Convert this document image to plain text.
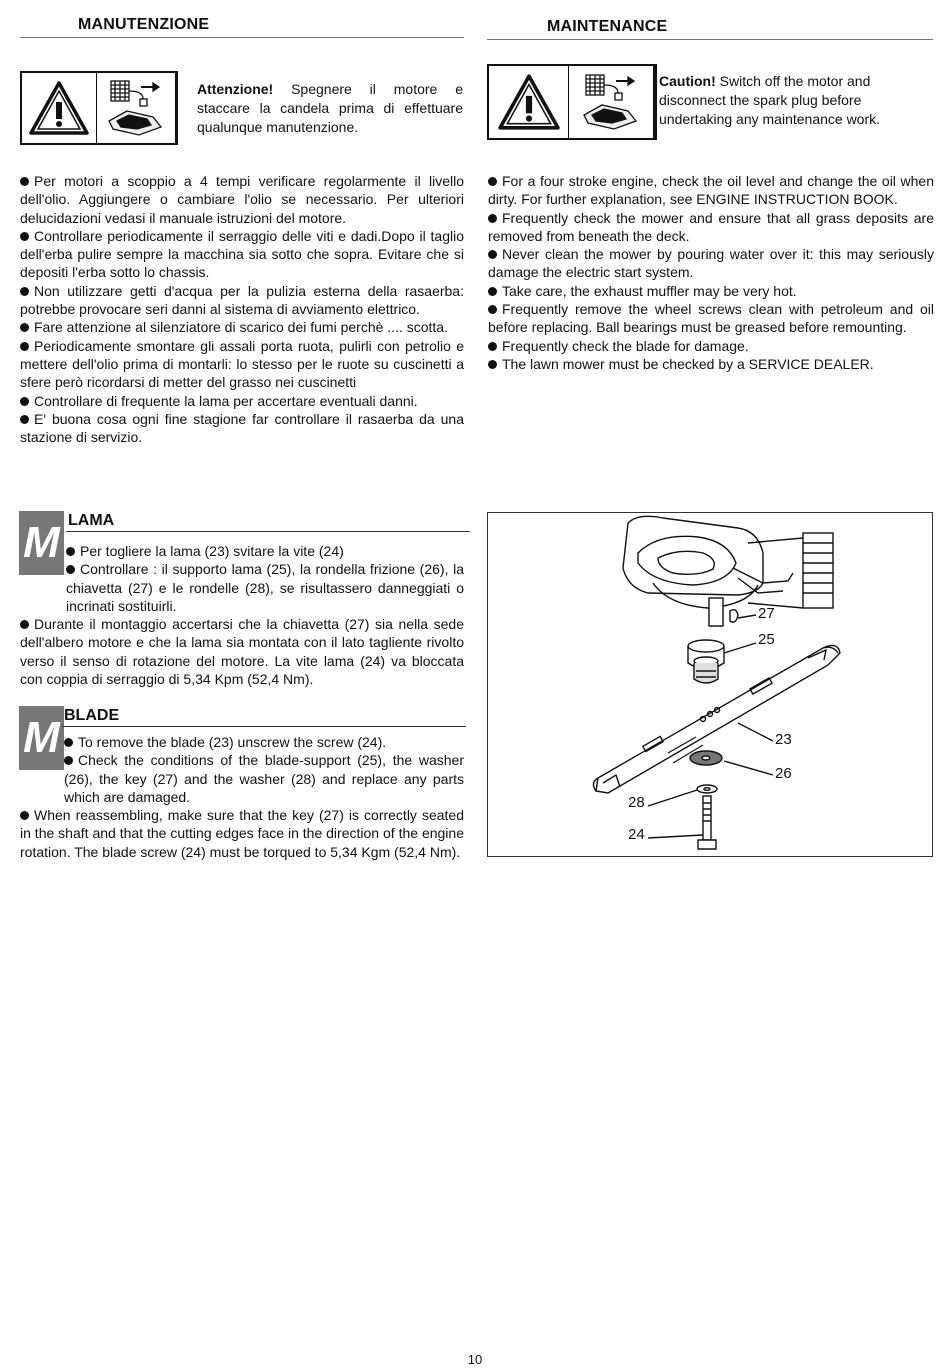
MANUTENZIONE	MAINTENANCE
Attenzione! Spegnere il motore e staccare la candela prima di effettuare qualunque manutenzione.
Caution! Switch off the motor and disconnect the spark plug before undertaking any maintenance work.

Per motori a scoppio a 4 tempi verificare regolarmente il livello dell'olio. Aggiungere o cambiare l'olio se necessario. Per ulteriori delucidazioni vedasi il manuale istruzioni del motore.

Controllare periodicamente il serraggio delle viti e dadi.Dopo il taglio dell'erba pulire sempre la macchina sia sotto che sopra. Evitare che si depositi l'erba sotto lo chassis.

Non utilizzare getti d'acqua per la pulizia esterna della rasaerba: potrebbe provocare seri danni al sistema di avviamento elettrico.

Fare attenzione al silenziatore di scarico dei fumi perchè .... scotta.

Periodicamente smontare gli assali porta ruota, pulirli con petrolio e mettere dell'olio prima di montarli: lo stesso per le ruote su cuscinetti a sfere però ricordarsi di metter del grasso nei cuscinetti

Controllare di frequente la lama per accertare eventuali danni.

E' buona cosa ogni fine stagione far controllare il rasaerba da una stazione di servizio.

For a four stroke engine, check the oil level and change the oil when dirty. For further explanation, see ENGINE INSTRUCTION BOOK.

Frequently check the mower and ensure that all grass deposits are removed from beneath the deck.

Never clean the mower by pouring water over it: this may seriously damage the electric start system.

Take care, the exhaust muffler may be very hot.

Frequently remove the wheel screws clean with petroleum and oil before replacing. Ball bearings must be greased before remounting.

Frequently check the blade for damage.

The lawn mower must be checked by a SERVICE DEALER.

M LAMA

Per togliere la lama (23) svitare la vite (24)

Controllare : il supporto lama (25), la rondella frizione (26), la chiavetta (27) e le rondelle (28), se risultassero danneggiati o incrinati sostituirli.

Durante il montaggio accertarsi che la chiavetta (27) sia nella sede dell'albero motore e che la lama sia montata con il lato tagliente rivolto verso il senso di rotazione del motore. La vite lama (24) va bloccata con coppia di serraggio di 5,34 Kpm (52,4 Nm).

M BLADE

To remove the blade (23) unscrew the screw (24).

Check the conditions of the blade-support (25), the washer (26), the key (27) and the washer (28) and replace any parts which are damaged.

When reassembling, make sure that the key (27) is correctly seated in the shaft and that the cutting edges face in the direction of the engine rotation. The blade screw (24) must be torqued to 5,34 Kgm (52,4 Nm).

27
25
23
26
28
24
10
